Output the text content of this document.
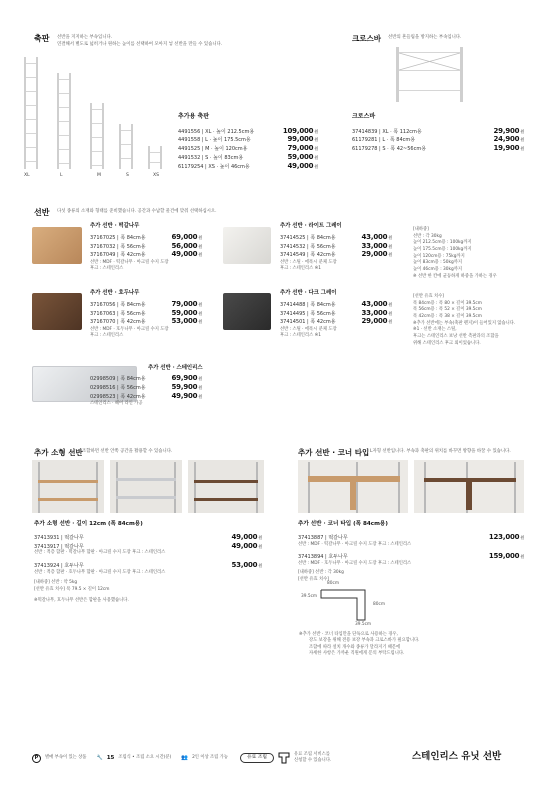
축판 선반을 지지하는 부속입니다.
연결해서 별도로 넓히거나 원하는 높이를 선택하여 모아지 넣 선반을 만들 수 있습니다.
XL	L	M	S	XS
추가용 축판
4491556 | XL · 높이 212.5cm용	109,000원
4491558 | L · 높이 175.5cm용	99,000원
4491525 | M · 높이 120cm용	79,000원
4491532 | S · 높이 83cm용	59,000원
61179254 | XS · 높이 46cm용	49,000원
크로스바 선반의 흔들림을 방지하는 부속입니다.
크로스바
37414839 | XL · 폭 112cm용	29,900원
61179281 | L · 폭 84cm용	24,900원
61179278 | S · 폭 42~56cm용	19,900원
선반 다섯 종류의 소재와 형태를 준비했습니다. 공간과 수납할 물건에 맞춰 선택하십시오.
추가 선반 · 떡갈나무
37167025 | 폭 84cm용	69,000원
37167032 | 폭 56cm용	56,000원
37167049 | 폭 42cm용	49,000원
선반 : MDF · 떡갈나무 · 아크릴 수지 도장
후크 : 스테인리스
추가 선반 · 라이트 그레이
37414525 | 폭 84cm용	43,000원
37414532 | 폭 56cm용	33,000원
37414549 | 폭 42cm용	29,000원
선반 : 스틸 · 에폭시 분체 도장
후크 : 스테인리스 ※1
[내하중]
선반 : 각 30kg
높이 212.5cm용 : 100kg까지
높이 175.5cm용 : 100kg까지
높이 120cm용 : 75kg까지
높이 83cm용 : 50kg까지
높이 46cm용 : 30kg까지
※ 선반 한 칸에 균등하게 하중을 가하는 경우
추가 선반 · 호두나무
37167056 | 폭 84cm용	79,000원
37167063 | 폭 56cm용	59,000원
37167070 | 폭 42cm용	53,000원
선반 : MDF · 호두나무 · 아크릴 수지 도장
후크 : 스테인리스
추가 선반 · 다크 그레이
37414488 | 폭 84cm용	43,000원
37414495 | 폭 56cm용	33,000원
37414501 | 폭 42cm용	29,000원
선반 : 스틸 · 에폭시 분체 도장
후크 : 스테인리스 ※1
[선반 유효 치수]
폭 84cm용 : 폭 80 × 길이 39.5cm
폭 56cm용 : 폭 52 × 길이 39.5cm
폭 42cm용 : 폭 38 × 길이 39.5cm
※추가 선반에는 부속(축판 펜지)이 들어있지 않습니다.
※1 · 선반 소재는 스틸,
후크는 스테인리스 보낭 선반 측판과의 조합을
위해 스테인리스 후크 외이었습니다.
추가 선반 · 스테인리스
02998509 | 폭 84cm용	69,900원
02998516 | 폭 56cm용	59,900원
02998523 | 폭 42cm용	49,900원
스테인리스 · 헤어 라인 가공
추가 소형 선반 조합하면 선반 안쪽 공간을 활용할 수 있습니다.
추가 소형 선반 · 길이 12cm (폭 84cm용)
37413931 | 떡갈나무	49,000원
37413917 | 떡갈나무	49,000원
선반 : 적층 합판 · 떡갈나무 합판 · 아크릴 수지 도장 후크 : 스테인리스
37413924 | 호두나무	53,000원
선반 : 적층 합판 · 호두나무 합판 · 아크릴 수지 도장 후크 : 스테인리스
[내하중] 선반 : 약 5kg
[선반 유효 치수] 폭 79.5 × 길이 12cm
※떡갈나무, 호두나무 선반은 합판을 사용했습니다.
추가 선반 · 코너 타입 L자형 선반입니다. 부속과 축판의 위치를 바꾸면 방향을 바꿀 수 있습니다.
추가 선반 · 코너 타입 (폭 84cm용)
37413887 | 떡갈나무	123,000원
선반 : MDF · 떡갈나무 · 아크릴 수지 도장 후크 : 스테인리스
37413894 | 호두나무	159,000원
선반 : MDF · 호두나무 · 아크릴 수지 도장 후크 : 스테인리스
[내하중] 선반 : 각 30kg
[선반 유효 치수]
80cm
39.5cm
80cm
39.5cm
※추가 선반 · 코너 타입만을 단독으로 사용하는 경우,
강도 보강을 위해 전용 보강 부속과 크로스바가 필요합니다.
조합에 따라 설치 개수와 종류가 달라지기 때문에
자세한 사항은 가까운 직원에게 문의 부탁드립니다.
P	별매 부속이 있는 상품 🔧 15 조립식 • 조립 소요 시간(분) 👥 2인 이상 조립 가능	유료 조립
유료 조립 서비스를
신청할 수 있습니다.	스테인리스 유닛 선반
